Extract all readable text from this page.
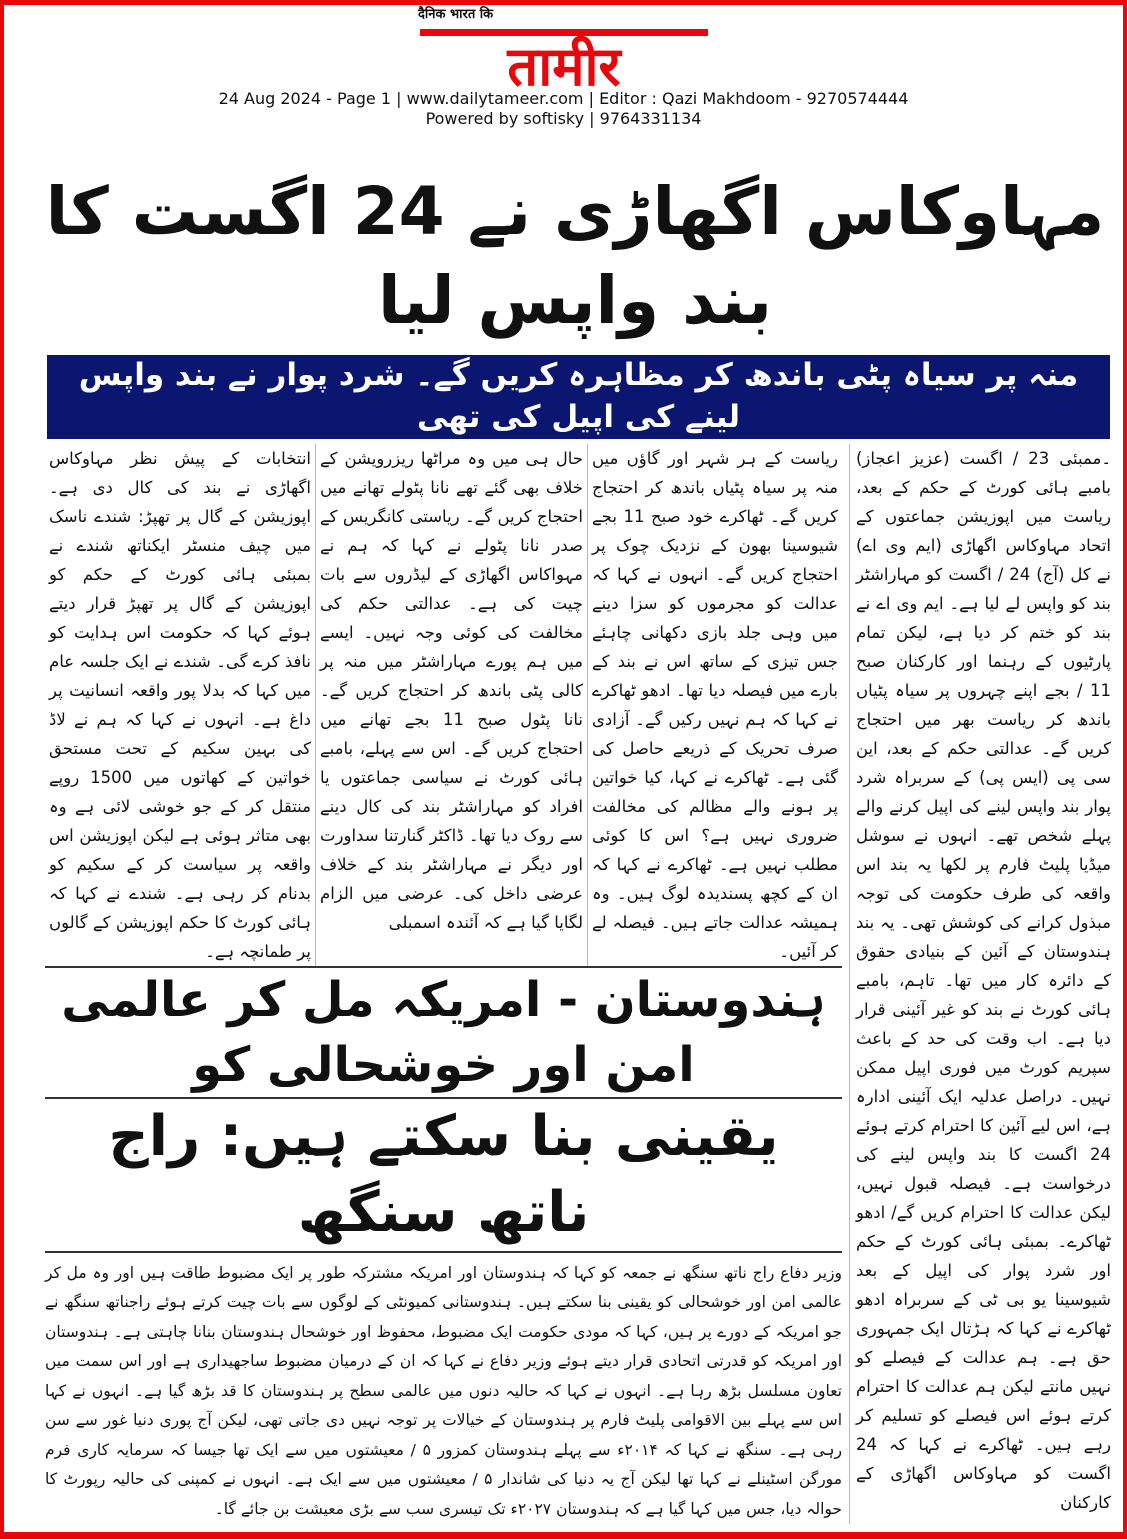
दैनिक भारत कि
तामीर
24 Aug 2024 - Page 1 | www.dailytameer.com | Editor : Qazi Makhdoom - 9270574444
Powered by softisky | 9764331134
مہاوکاس اگھاڑی نے 24 اگست کا بند واپس لیا
منہ پر سیاہ پٹی باندھ کر مظاہرہ کریں گے۔ شرد پوار نے بند واپس لینے کی اپیل کی تھی
انتخابات کے پیش نظر مہاوکاس اگھاڑی نے بند کی کال دی ہے۔ اپوزیشن کے گال پر تھپڑ: شندے ناسک میں چیف منسٹر ایکناتھ شندے نے بمبئی ہائی کورٹ کے حکم کو اپوزیشن کے گال پر تھپڑ قرار دیتے ہوئے کہا کہ حکومت اس ہدایت کو نافذ کرے گی۔ شندے نے ایک جلسہ عام میں کہا کہ بدلا پور واقعہ انسانیت پر داغ ہے۔ انہوں نے کہا کہ ہم نے لاڈ کی بہین سکیم کے تحت مستحق خواتین کے کھاتوں میں 1500 روپے منتقل کر کے جو خوشی لائی ہے وہ بھی متاثر ہوئی ہے لیکن اپوزیشن اس واقعہ پر سیاست کر کے سکیم کو بدنام کر رہی ہے۔ شندے نے کہا کہ ہائی کورٹ کا حکم اپوزیشن کے گالوں پر طمانچہ ہے۔
حال ہی میں وہ مراٹھا ریزرویشن کے خلاف بھی گئے تھے نانا پٹولے تھانے میں احتجاج کریں گے۔ ریاستی کانگریس کے صدر نانا پٹولے نے کہا کہ ہم نے مہواکاس اگھاڑی کے لیڈروں سے بات چیت کی ہے۔ عدالتی حکم کی مخالفت کی کوئی وجہ نہیں۔ ایسے میں ہم پورے مہاراشٹر میں منہ پر کالی پٹی باندھ کر احتجاج کریں گے۔ نانا پٹول صبح 11 بجے تھانے میں احتجاج کریں گے۔ اس سے پہلے، بامبے ہائی کورٹ نے سیاسی جماعتوں یا افراد کو مہاراشٹر بند کی کال دینے سے روک دیا تھا۔ ڈاکٹر گنارتنا سداورت اور دیگر نے مہاراشٹر بند کے خلاف عرضی داخل کی۔ عرضی میں الزام لگایا گیا ہے کہ آئندہ اسمبلی
ریاست کے ہر شہر اور گاؤں میں منہ پر سیاہ پٹیاں باندھ کر احتجاج کریں گے۔ ٹھاکرے خود صبح 11 بجے شیوسینا بھون کے نزدیک چوک پر احتجاج کریں گے۔ انہوں نے کہا کہ عدالت کو مجرموں کو سزا دینے میں وہی جلد بازی دکھانی چاہئے جس تیزی کے ساتھ اس نے بند کے بارے میں فیصلہ دیا تھا۔ ادھو ٹھاکرے نے کہا کہ ہم نہیں رکیں گے۔ آزادی صرف تحریک کے ذریعے حاصل کی گئی ہے۔ ٹھاکرے نے کہا، کیا خواتین پر ہونے والے مظالم کی مخالفت ضروری نہیں ہے؟ اس کا کوئی مطلب نہیں ہے۔ ٹھاکرے نے کہا کہ ان کے کچھ پسندیدہ لوگ ہیں۔ وہ ہمیشہ عدالت جاتے ہیں۔ فیصلہ لے کر آئیں۔
ہندوستان - امریکہ مل کر عالمی امن اور خوشحالی کو
یقینی بنا سکتے ہیں: راج ناتھ سنگھ
وزیر دفاع راج ناتھ سنگھ نے جمعہ کو کہا کہ ہندوستان اور امریکہ مشترکہ طور پر ایک مضبوط طاقت ہیں اور وہ مل کر عالمی امن اور خوشحالی کو یقینی بنا سکتے ہیں۔ ہندوستانی کمیونٹی کے لوگوں سے بات چیت کرتے ہوئے راجناتھ سنگھ نے جو امریکہ کے دورے پر ہیں، کہا کہ مودی حکومت ایک مضبوط، محفوظ اور خوشحال ہندوستان بنانا چاہتی ہے۔ ہندوستان اور امریکہ کو قدرتی اتحادی قرار دیتے ہوئے وزیر دفاع نے کہا کہ ان کے درمیان مضبوط ساجھیداری ہے اور اس سمت میں تعاون مسلسل بڑھ رہا ہے۔ انہوں نے کہا کہ حالیہ دنوں میں عالمی سطح پر ہندوستان کا قد بڑھ گیا ہے۔ انہوں نے کہا اس سے پہلے بین الاقوامی پلیٹ فارم پر ہندوستان کے خیالات پر توجہ نہیں دی جاتی تھی، لیکن آج پوری دنیا غور سے سن رہی ہے۔ سنگھ نے کہا کہ ۲۰۱۴ء سے پہلے ہندوستان کمزور ۵ / معیشتوں میں سے ایک تھا جیسا کہ سرمایہ کاری فرم مورگن اسٹینلے نے کہا تھا لیکن آج یہ دنیا کی شاندار ۵ / معیشتوں میں سے ایک ہے۔ انہوں نے کمپنی کی حالیہ رپورٹ کا حوالہ دیا، جس میں کہا گیا ہے کہ ہندوستان ۲۰۲۷ء تک تیسری سب سے بڑی معیشت بن جائے گا۔
۔ممبئی 23 / اگست (عزیز اعجاز) بامبے ہائی کورٹ کے حکم کے بعد، ریاست میں اپوزیشن جماعتوں کے اتحاد مہاوکاس اگھاڑی (ایم وی اے) نے کل (آج) 24 / اگست کو مہاراشٹر بند کو واپس لے لیا ہے۔ ایم وی اے نے بند کو ختم کر دیا ہے، لیکن تمام پارٹیوں کے رہنما اور کارکنان صبح 11 / بجے اپنے چہروں پر سیاہ پٹیاں باندھ کر ریاست بھر میں احتجاج کریں گے۔ عدالتی حکم کے بعد، این سی پی (ایس پی) کے سربراہ شرد پوار بند واپس لینے کی اپیل کرنے والے پہلے شخص تھے۔ انہوں نے سوشل میڈیا پلیٹ فارم پر لکھا یہ بند اس واقعہ کی طرف حکومت کی توجہ مبذول کرانے کی کوشش تھی۔ یہ بند ہندوستان کے آئین کے بنیادی حقوق کے دائرہ کار میں تھا۔ تاہم، بامبے ہائی کورٹ نے بند کو غیر آئینی قرار دیا ہے۔ اب وقت کی حد کے باعث سپریم کورٹ میں فوری اپیل ممکن نہیں۔ دراصل عدلیہ ایک آئینی ادارہ ہے، اس لیے آئین کا احترام کرتے ہوئے 24 اگست کا بند واپس لینے کی درخواست ہے۔ فیصلہ قبول نہیں، لیکن عدالت کا احترام کریں گے/ ادھو ٹھاکرے۔ بمبئی ہائی کورٹ کے حکم اور شرد پوار کی اپیل کے بعد شیوسینا یو بی ٹی کے سربراہ ادھو ٹھاکرے نے کہا کہ ہڑتال ایک جمہوری حق ہے۔ ہم عدالت کے فیصلے کو نہیں مانتے لیکن ہم عدالت کا احترام کرتے ہوئے اس فیصلے کو تسلیم کر رہے ہیں۔ ٹھاکرے نے کہا کہ 24 اگست کو مہاوکاس اگھاڑی کے کارکنان
